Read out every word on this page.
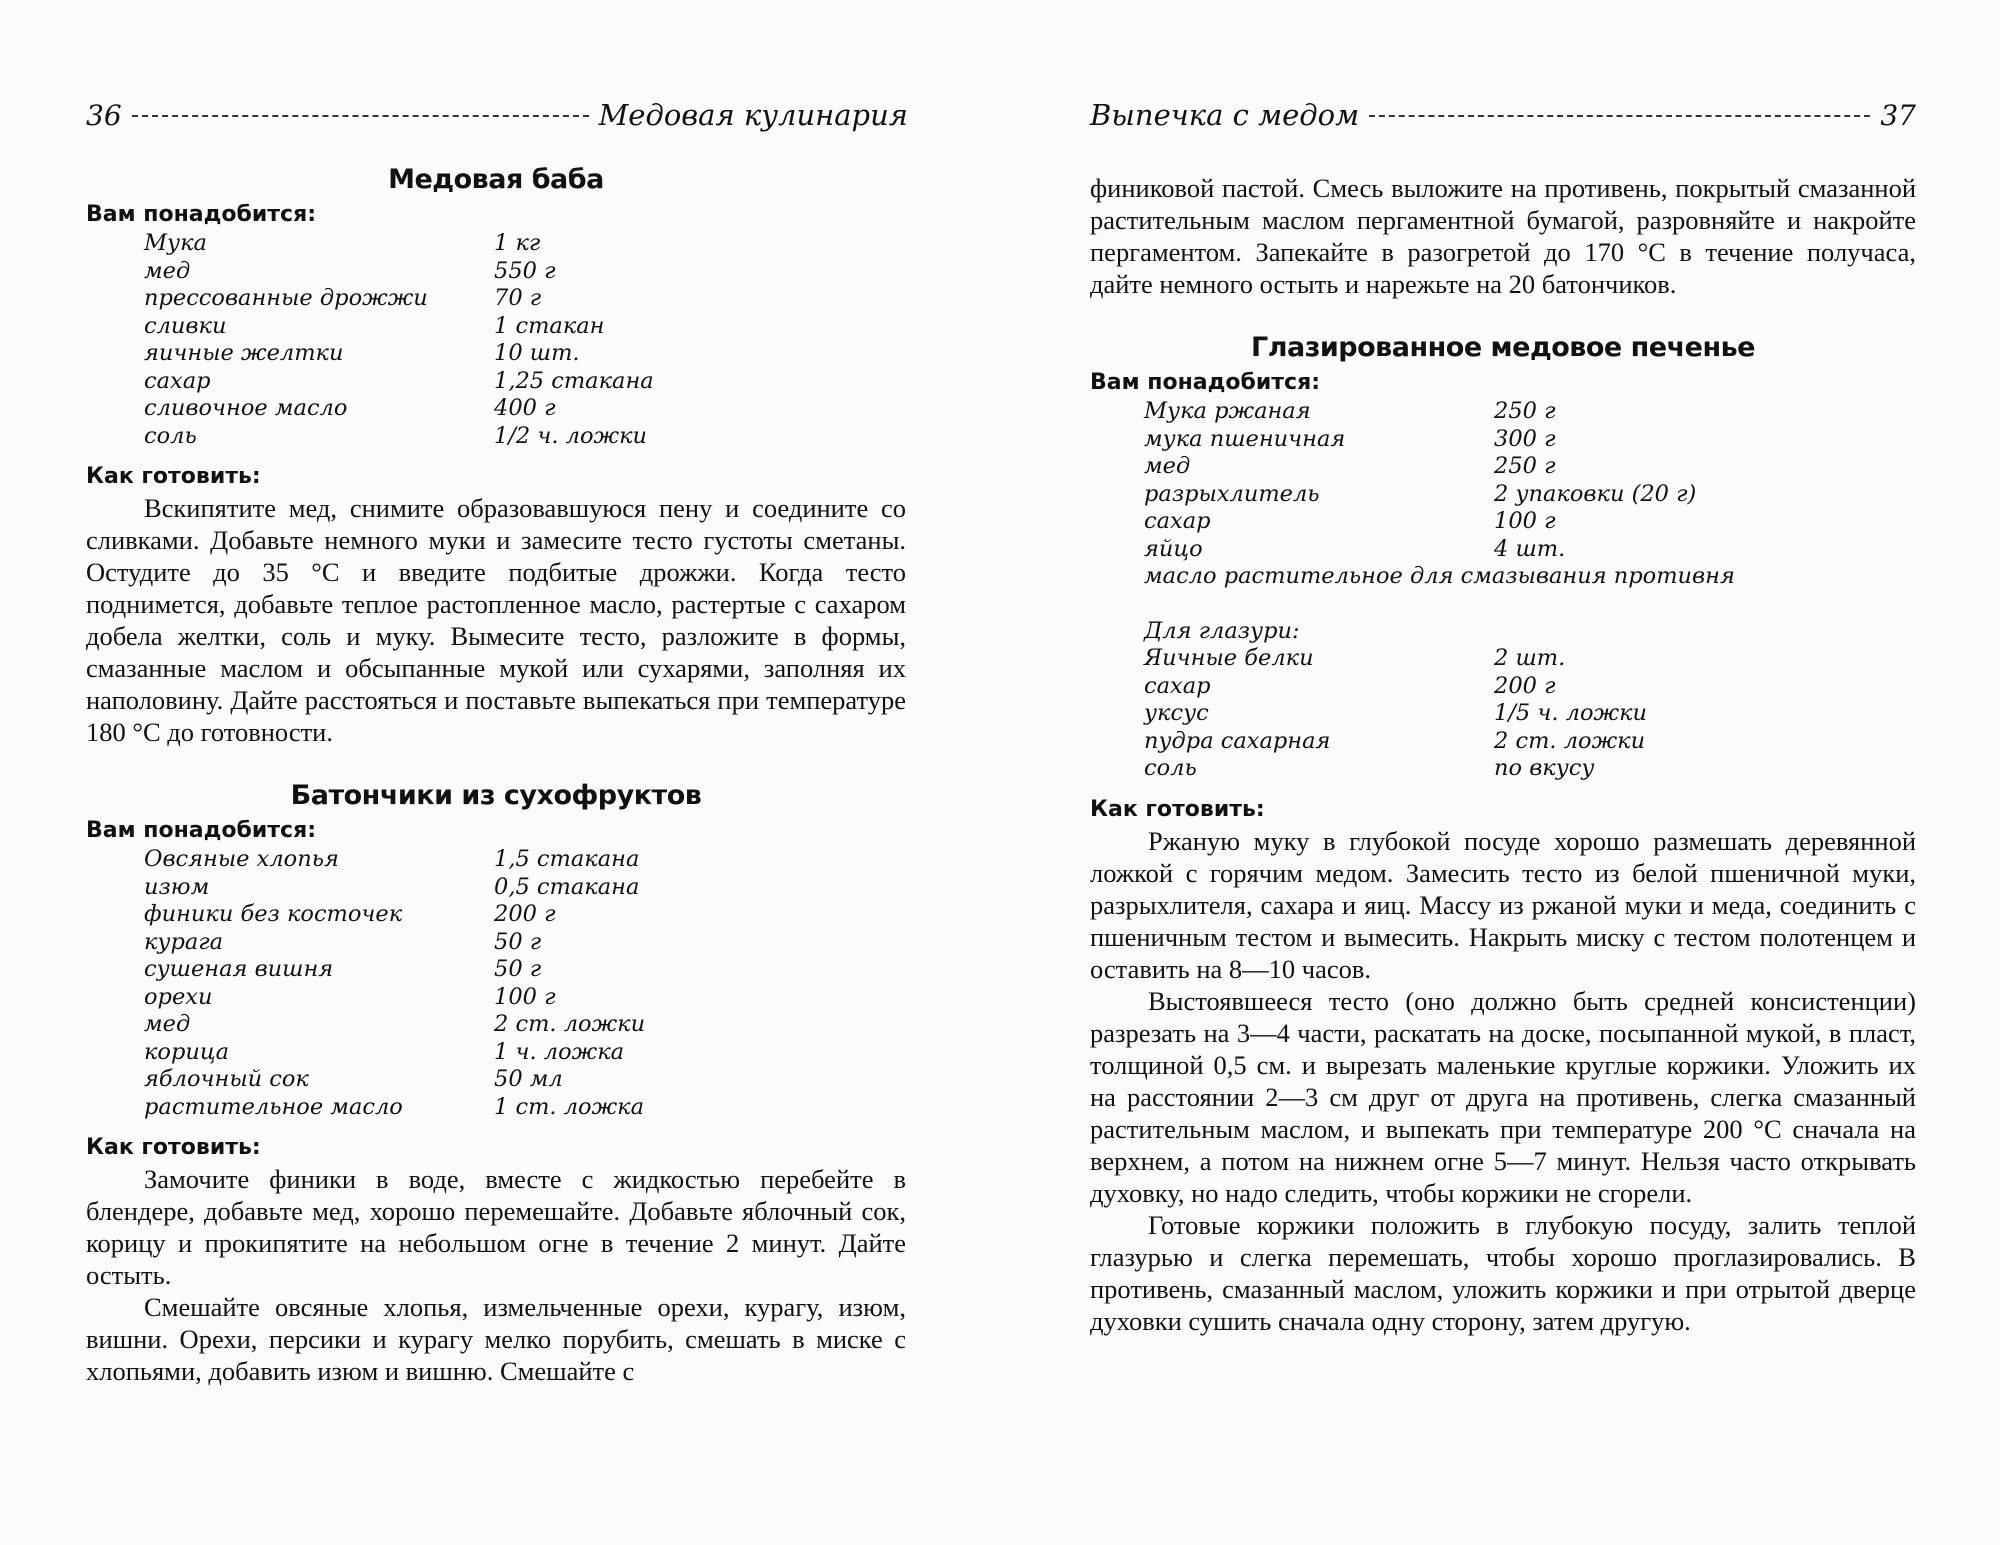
36	Медовая кулинария
Медовая баба
Вам понадобится:
Мука	1 кг
мед	550 г
прессованные дрожжи	70 г
сливки	1 стакан
яичные желтки	10 шт.
сахар	1,25 стакана
сливочное масло	400 г
соль	1/2 ч. ложки
Как готовить:

Вскипятите мед, снимите образовавшуюся пену и соедините со сливками. Добавьте немного муки и замесите тесто густоты сметаны. Остудите до 35 °С и введите подбитые дрожжи. Когда тесто поднимется, добавьте теплое растопленное масло, растертые с сахаром добела желтки, соль и муку. Вымесите тесто, разложите в формы, смазанные маслом и обсыпанные мукой или сухарями, заполняя их наполовину. Дайте расстояться и поставьте выпекаться при температуре 180 °С до готовности.

Батончики из сухофруктов
Вам понадобится:
Овсяные хлопья	1,5 стакана
изюм	0,5 стакана
финики без косточек	200 г
курага	50 г
сушеная вишня	50 г
орехи	100 г
мед	2 ст. ложки
корица	1 ч. ложка
яблочный сок	50 мл
растительное масло	1 ст. ложка
Как готовить:

Замочите финики в воде, вместе с жидкостью перебейте в блендере, добавьте мед, хорошо перемешайте. Добавьте яблочный сок, корицу и прокипятите на небольшом огне в течение 2 минут. Дайте остыть.

Смешайте овсяные хлопья, измельченные орехи, курагу, изюм, вишни. Орехи, персики и курагу мелко порубить, смешать в миске с хлопьями, добавить изюм и вишню. Смешайте с

Выпечка с медом	37

финиковой пастой. Смесь выложите на противень, покрытый смазанной растительным маслом пергаментной бумагой, разровняйте и накройте пергаментом. Запекайте в разогретой до 170 °С в течение получаса, дайте немного остыть и нарежьте на 20 батончиков.

Глазированное медовое печенье
Вам понадобится:
Мука ржаная	250 г
мука пшеничная	300 г
мед	250 г
разрыхлитель	2 упаковки (20 г)
сахар	100 г
яйцо	4 шт.
масло растительное для смазывания противня	

Для глазури:	
Яичные белки	2 шт.
сахар	200 г
уксус	1/5 ч. ложки
пудра сахарная	2 ст. ложки
соль	по вкусу
Как готовить:

Ржаную муку в глубокой посуде хорошо размешать деревянной ложкой с горячим медом. Замесить тесто из белой пшеничной муки, разрыхлителя, сахара и яиц. Массу из ржаной муки и меда, соединить с пшеничным тестом и вымесить. Накрыть миску с тестом полотенцем и оставить на 8—10 часов.

Выстоявшееся тесто (оно должно быть средней консистенции) разрезать на 3—4 части, раскатать на доске, посыпанной мукой, в пласт, толщиной 0,5 см. и вырезать маленькие круглые коржики. Уложить их на расстоянии 2—3 см друг от друга на противень, слегка смазанный растительным маслом, и выпекать при температуре 200 °С сначала на верхнем, а потом на нижнем огне 5—7 минут. Нельзя часто открывать духовку, но надо следить, чтобы коржики не сгорели.

Готовые коржики положить в глубокую посуду, залить теплой глазурью и слегка перемешать, чтобы хорошо проглазировались. В противень, смазанный маслом, уложить коржики и при отрытой дверце духовки сушить сначала одну сторону, затем другую.
